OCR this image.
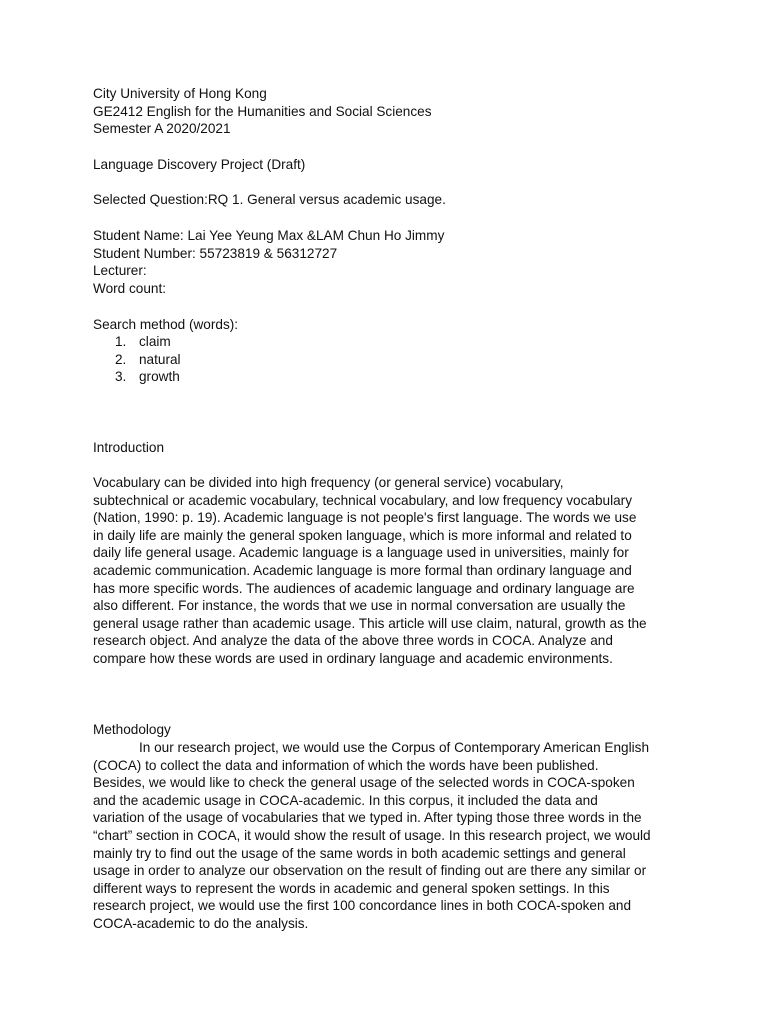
City University of Hong Kong
GE2412 English for the Humanities and Social Sciences
Semester A 2020/2021
Language Discovery Project (Draft)
Selected Question:RQ 1. General versus academic usage.
Student Name: Lai Yee Yeung Max &LAM Chun Ho Jimmy
Student Number: 55723819 & 56312727
Lecturer:
Word count:
Search method (words):
1. claim
2. natural
3. growth
Introduction
Vocabulary can be divided into high frequency (or general service) vocabulary,
subtechnical or academic vocabulary, technical vocabulary, and low frequency vocabulary
(Nation, 1990: p. 19). Academic language is not people's first language. The words we use
in daily life are mainly the general spoken language, which is more informal and related to
daily life general usage. Academic language is a language used in universities, mainly for
academic communication. Academic language is more formal than ordinary language and
has more specific words. The audiences of academic language and ordinary language are
also different. For instance, the words that we use in normal conversation are usually the
general usage rather than academic usage. This article will use claim, natural, growth as the
research object. And analyze the data of the above three words in COCA. Analyze and
compare how these words are used in ordinary language and academic environments.
Methodology
In our research project, we would use the Corpus of Contemporary American English
(COCA) to collect the data and information of which the words have been published.
Besides, we would like to check the general usage of the selected words in COCA-spoken
and the academic usage in COCA-academic. In this corpus, it included the data and
variation of the usage of vocabularies that we typed in. After typing those three words in the
“chart” section in COCA, it would show the result of usage. In this research project, we would
mainly try to find out the usage of the same words in both academic settings and general
usage in order to analyze our observation on the result of finding out are there any similar or
different ways to represent the words in academic and general spoken settings. In this
research project, we would use the first 100 concordance lines in both COCA-spoken and
COCA-academic to do the analysis.
